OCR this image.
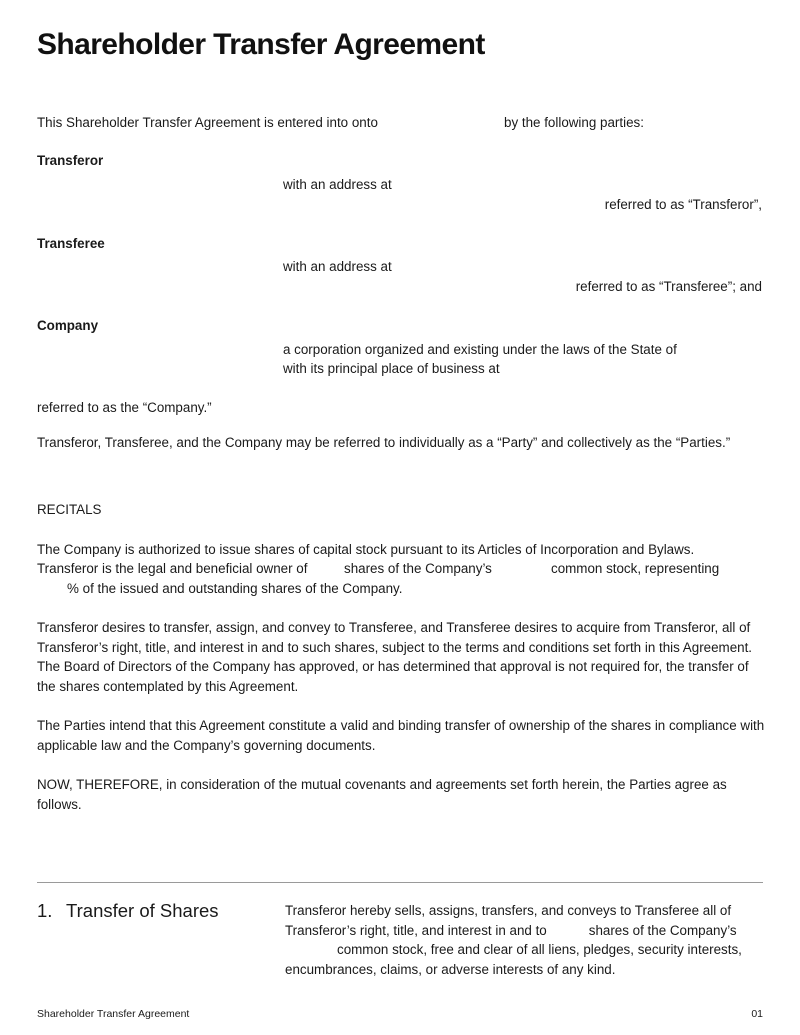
Shareholder Transfer Agreement
This Shareholder Transfer Agreement is entered into onto	by the following parties:
Transferor
with an address at
referred to as “Transferor”,
Transferee
with an address at
referred to as “Transferee”; and
Company
a corporation organized and existing under the laws of the State of
with its principal place of business at
referred to as the “Company.”
Transferor, Transferee, and the Company may be referred to individually as a “Party” and collectively as the “Parties.”
RECITALS
The Company is authorized to issue shares of capital stock pursuant to its Articles of Incorporation and Bylaws.
Transferor is the legal and beneficial owner of	shares of the Company’s	common stock, representing
% of the issued and outstanding shares of the Company.
Transferor desires to transfer, assign, and convey to Transferee, and Transferee desires to acquire from Transferor, all of Transferor’s right, title, and interest in and to such shares, subject to the terms and conditions set forth in this Agreement. The Board of Directors of the Company has approved, or has determined that approval is not required for, the transfer of the shares contemplated by this Agreement.
The Parties intend that this Agreement constitute a valid and binding transfer of ownership of the shares in compliance with applicable law and the Company’s governing documents.
NOW, THEREFORE, in consideration of the mutual covenants and agreements set forth herein, the Parties agree as follows.
1. Transfer of Shares	Transferor hereby sells, assigns, transfers, and conveys to Transferee all of
Transferor’s right, title, and interest in and to	shares of the Company’s
common stock, free and clear of all liens, pledges, security interests,
encumbrances, claims, or adverse interests of any kind.
Shareholder Transfer Agreement	01
